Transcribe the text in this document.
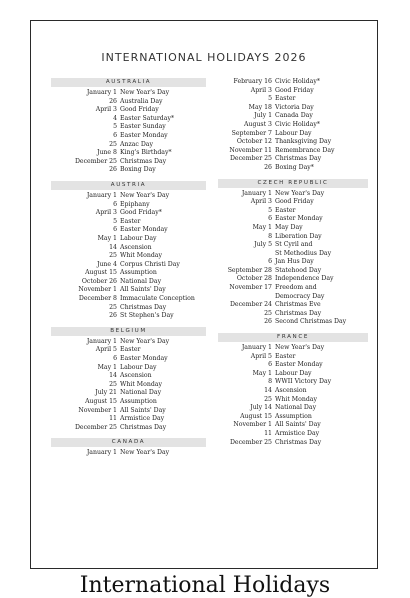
INTERNATIONAL HOLIDAYS 2026
AUSTRALIA
January 1 New Year's Day
26 Australia Day
April 3 Good Friday
4 Easter Saturday*
5 Easter Sunday
6 Easter Monday
25 Anzac Day
June 8 King's Birthday*
December 25 Christmas Day
26 Boxing Day
AUSTRIA
January 1 New Year's Day
6 Epiphany
April 3 Good Friday*
5 Easter
6 Easter Monday
May 1 Labour Day
14 Ascension
25 Whit Monday
June 4 Corpus Christi Day
August 15 Assumption
October 26 National Day
November 1 All Saints' Day
December 8 Immaculate Conception
25 Christmas Day
26 St Stephen's Day
BELGIUM
January 1 New Year's Day
April 5 Easter
6 Easter Monday
May 1 Labour Day
14 Ascension
25 Whit Monday
July 21 National Day
August 15 Assumption
November 1 All Saints' Day
11 Armistice Day
December 25 Christmas Day
CANADA
January 1 New Year's Day
February 16 Civic Holiday*
April 3 Good Friday
5 Easter
May 18 Victoria Day
July 1 Canada Day
August 3 Civic Holiday*
September 7 Labour Day
October 12 Thanksgiving Day
November 11 Remembrance Day
December 25 Christmas Day
26 Boxing Day*
CZECH REPUBLIC
January 1 New Year's Day
April 3 Good Friday
5 Easter
6 Easter Monday
May 1 May Day
8 Liberation Day
July 5 St Cyril and
St Methodius Day
6 Jan Hus Day
September 28 Statehood Day
October 28 Independence Day
November 17 Freedom and
Democracy Day
December 24 Christmas Eve
25 Christmas Day
26 Second Christmas Day
FRANCE
January 1 New Year's Day
April 5 Easter
6 Easter Monday
May 1 Labour Day
8 WWII Victory Day
14 Ascension
25 Whit Monday
July 14 National Day
August 15 Assumption
November 1 All Saints' Day
11 Armistice Day
December 25 Christmas Day
International Holidays
